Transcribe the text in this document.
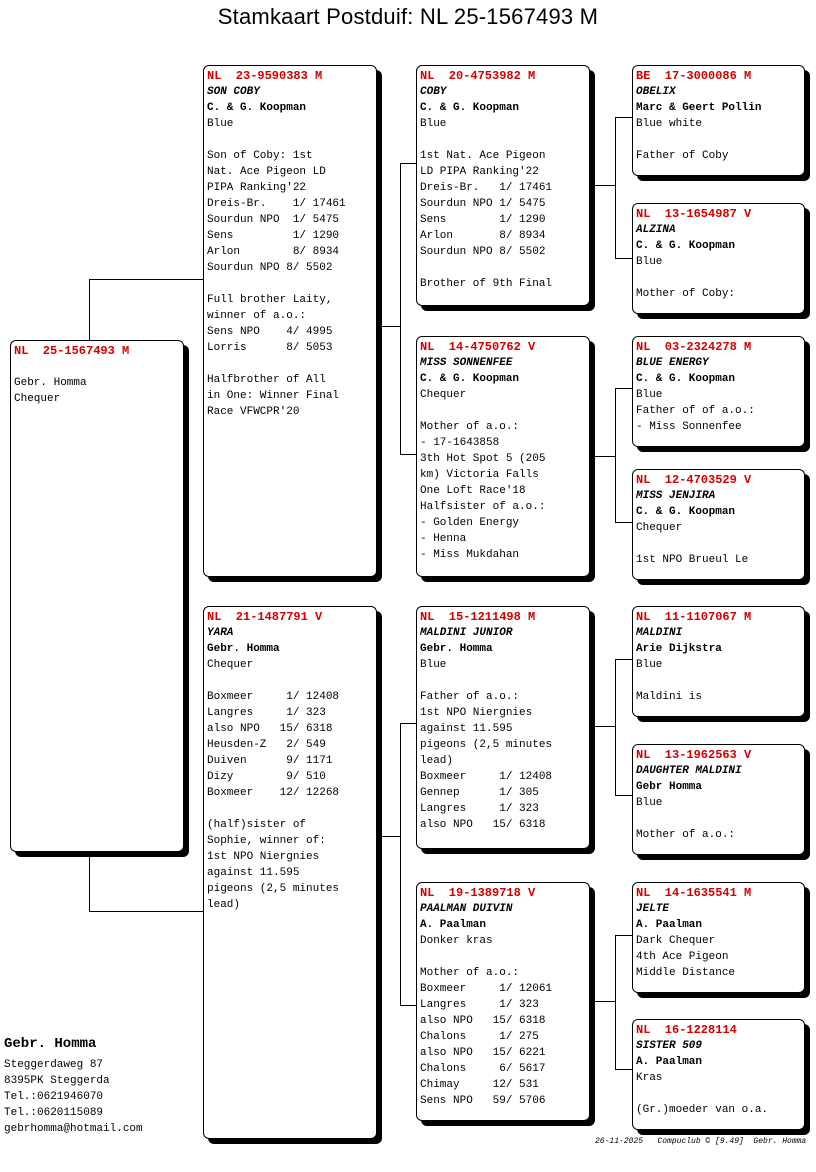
Stamkaart Postduif: NL 25-1567493 M
NL  25-1567493 M
Gebr. Homma
Chequer
NL  23-9590383 M
SON COBY
C. & G. Koopman
Blue
Son of Coby: 1st
Nat. Ace Pigeon LD
PIPA Ranking'22
Dreis-Br.    1/ 17461
Sourdun NPO  1/ 5475
Sens         1/ 1290
Arlon        8/ 8934
Sourdun NPO 8/ 5502
Full brother Laity,
winner of a.o.:
Sens NPO    4/ 4995
Lorris      8/ 5053
Halfbrother of All
in One: Winner Final
Race VFWCPR'20
NL  21-1487791 V
YARA
Gebr. Homma
Chequer
Boxmeer     1/ 12408
Langres     1/ 323
also NPO   15/ 6318
Heusden-Z   2/ 549
Duiven      9/ 1171
Dizy        9/ 510
Boxmeer    12/ 12268
(half)sister of
Sophie, winner of:
1st NPO Niergnies
against 11.595
pigeons (2,5 minutes
lead)
NL  20-4753982 M
COBY
C. & G. Koopman
Blue
1st Nat. Ace Pigeon
LD PIPA Ranking'22
Dreis-Br.   1/ 17461
Sourdun NPO 1/ 5475
Sens        1/ 1290
Arlon       8/ 8934
Sourdun NPO 8/ 5502
Brother of 9th Final
NL  14-4750762 V
MISS SONNENFEE
C. & G. Koopman
Chequer
Mother of a.o.:
- 17-1643858
3th Hot Spot 5 (205
km) Victoria Falls
One Loft Race'18
Halfsister of a.o.:
- Golden Energy
- Henna
- Miss Mukdahan
NL  15-1211498 M
MALDINI JUNIOR
Gebr. Homma
Blue
Father of a.o.:
1st NPO Niergnies
against 11.595
pigeons (2,5 minutes
lead)
Boxmeer     1/ 12408
Gennep      1/ 305
Langres     1/ 323
also NPO   15/ 6318
NL  19-1389718 V
PAALMAN DUIVIN
A. Paalman
Donker kras
Mother of a.o.:
Boxmeer     1/ 12061
Langres     1/ 323
also NPO   15/ 6318
Chalons     1/ 275
also NPO   15/ 6221
Chalons     6/ 5617
Chimay     12/ 531
Sens NPO   59/ 5706
BE  17-3000086 M
OBELIX
Marc & Geert Pollin
Blue white
Father of Coby
NL  13-1654987 V
ALZINA
C. & G. Koopman
Blue
Mother of Coby:
NL  03-2324278 M
BLUE ENERGY
C. & G. Koopman
Blue
Father of of a.o.:
- Miss Sonnenfee
NL  12-4703529 V
MISS JENJIRA
C. & G. Koopman
Chequer
1st NPO Brueul Le
NL  11-1107067 M
MALDINI
Arie Dijkstra
Blue
Maldini is
NL  13-1962563 V
DAUGHTER MALDINI
Gebr Homma
Blue
Mother of a.o.:
NL  14-1635541 M
JELTE
A. Paalman
Dark Chequer
4th Ace Pigeon
Middle Distance
NL  16-1228114
SISTER 509
A. Paalman
Kras
(Gr.)moeder van o.a.
Gebr. Homma
Steggerdaweg 87
8395PK Steggerda
Tel.:0621946070
Tel.:0620115089
gebrhomma@hotmail.com
26-11-2025   Compuclub © [9.49]  Gebr. Homma
